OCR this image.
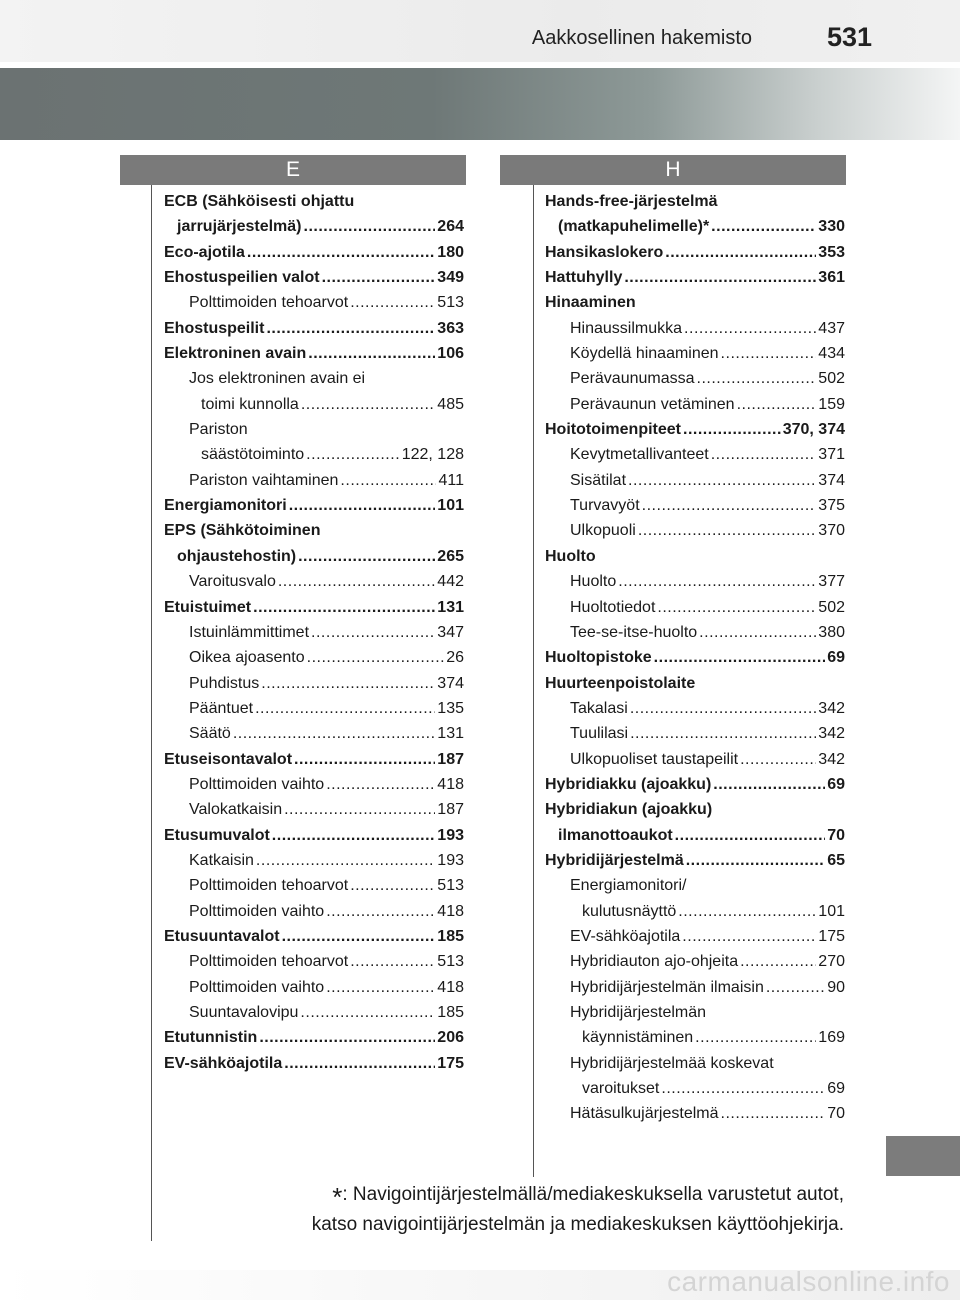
Aakkosellinen hakemisto	531
E	H
ECB (Sähköisesti ohjattu
jarrujärjestelmä) .....	264
Eco-ajotila .....	180
Ehostuspeilien valot .....	349
Polttimoiden tehoarvot .....	513
Ehostuspeilit .....	363
Elektroninen avain .....	106
Jos elektroninen avain ei
toimi kunnolla .....	485
Pariston
säästötoiminto .....	122, 128
Pariston vaihtaminen .....	411
Energiamonitori .....	101
EPS (Sähkötoiminen
ohjaustehostin) .....	265
Varoitusvalo .....	442
Etuistuimet .....	131
Istuinlämmittimet .....	347
Oikea ajoasento .....	26
Puhdistus .....	374
Pääntuet .....	135
Säätö .....	131
Etuseisontavalot .....	187
Polttimoiden vaihto .....	418
Valokatkaisin .....	187
Etusumuvalot .....	193
Katkaisin .....	193
Polttimoiden tehoarvot .....	513
Polttimoiden vaihto .....	418
Etusuuntavalot .....	185
Polttimoiden tehoarvot .....	513
Polttimoiden vaihto .....	418
Suuntavalovipu .....	185
Etutunnistin .....	206
EV-sähköajotila .....	175
Hands-free-järjestelmä
(matkapuhelimelle) * .....	330
Hansikaslokero .....	353
Hattuhylly .....	361
Hinaaminen
Hinaussilmukka .....	437
Köydellä hinaaminen .....	434
Perävaunumassa .....	502
Perävaunun vetäminen .....	159
Hoitotoimenpiteet .....	370, 374
Kevytmetallivanteet .....	371
Sisätilat .....	374
Turvavyöt .....	375
Ulkopuoli .....	370
Huolto
Huolto .....	377
Huoltotiedot .....	502
Tee-se-itse-huolto .....	380
Huoltopistoke .....	69
Huurteenpoistolaite
Takalasi .....	342
Tuulilasi .....	342
Ulkopuoliset taustapeilit .....	342
Hybridiakku (ajoakku) .....	69
Hybridiakun (ajoakku)
ilmanottoaukot .....	70
Hybridijärjestelmä .....	65
Energiamonitori/
kulutusnäyttö .....	101
EV-sähköajotila .....	175
Hybridiauton ajo-ohjeita .....	270
Hybridijärjestelmän ilmaisin .....	90
Hybridijärjestelmän
käynnistäminen .....	169
Hybridijärjestelmää koskevat
varoitukset .....	69
Hätäsulkujärjestelmä .....	70
*: Navigointijärjestelmällä/mediakeskuksella varustetut autot,
katso navigointijärjestelmän ja mediakeskuksen käyttöohjekirja.
carmanualsonline.info
